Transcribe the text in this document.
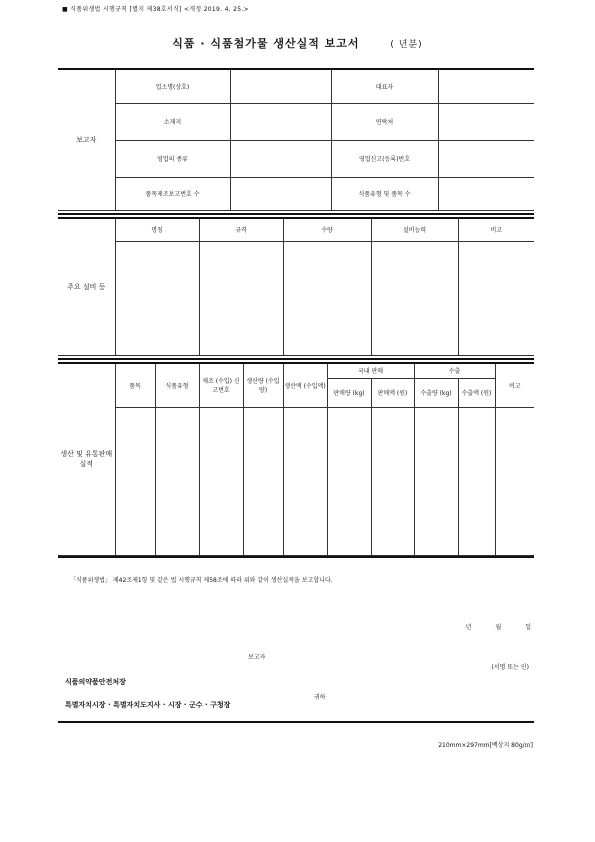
■ 식품위생법 시행규칙 [별지 제38호서식] <개정 2019. 4. 25.>
식품 · 식품첨가물 생산실적 보고서	( 년분)
보고자	업소명(상호)		대표자	
	소재지		연락처	
	영업의 종류		영업신고(등록)번호	
	품목제조보고번호 수		식품유형 및 품목 수	
주요 설비 등	명칭	규격	수량	설비능력	비고

생산 및 유통판매 실적	품목	식품유형	제조 (수입) 신고번호	생산량 (수입량)	생산액 (수입액)	국내 판매		수출		비고
						판매량 (kg)	판매액 (원)	수출량 (kg)	수출액 (원)	

「식품위생법」 제42조제1항 및 같은 법 시행규칙 제58조에 따라 위와 같이 생산실적을 보고합니다.
년 월 일
보고자
(서명 또는 인)
식품의약품안전처장
특별자치시장 · 특별자치도지사 · 시장 · 군수 · 구청장
귀하
210mm×297mm[백상지 80g/㎡]
